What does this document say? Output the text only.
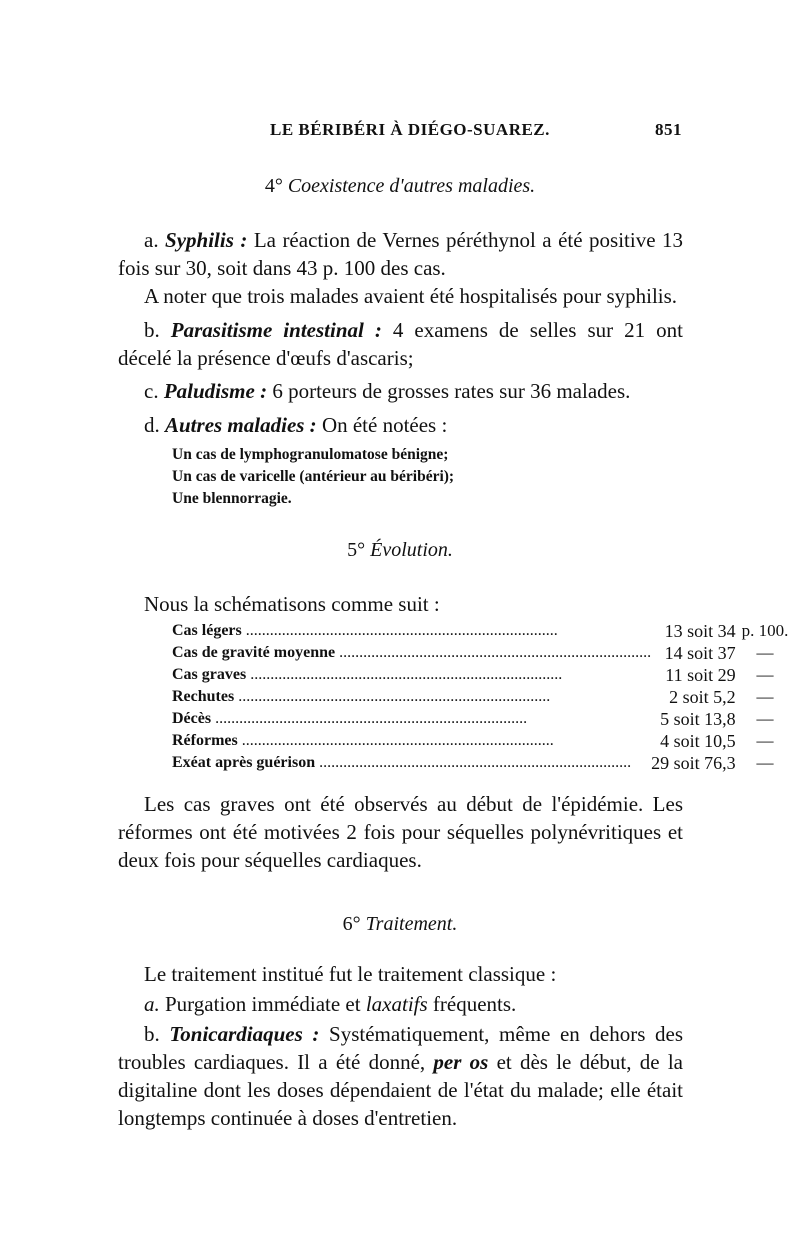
LE BÉRIBÉRI À DIÉGO-SUAREZ.	851
4° Coexistence d'autres maladies.
a. Syphilis : La réaction de Vernes péréthynol a été positive 13 fois sur 30, soit dans 43 p. 100 des cas.
A noter que trois malades avaient été hospitalisés pour syphilis.
b. Parasitisme intestinal : 4 examens de selles sur 21 ont décelé la présence d'œufs d'ascaris;
c. Paludisme : 6 porteurs de grosses rates sur 36 malades.
d. Autres maladies : On été notées :
Un cas de lymphogranulomatose bénigne;
Un cas de varicelle (antérieur au béribéri);
Une blennorragie.
5° Évolution.
Nous la schématisons comme suit :
Cas légers .....	13 soit 34	p. 100.
Cas de gravité moyenne .....	14 soit 37	—
Cas graves .....	11 soit 29	—
Rechutes .....	2 soit 5,2	—
Décès .....	5 soit 13,8	—
Réformes .....	4 soit 10,5	—
Exéat après guérison .....	29 soit 76,3	—
Les cas graves ont été observés au début de l'épidémie. Les réformes ont été motivées 2 fois pour séquelles polynévritiques et deux fois pour séquelles cardiaques.
6° Traitement.
Le traitement institué fut le traitement classique :
a. Purgation immédiate et laxatifs fréquents.
b. Tonicardiaques : Systématiquement, même en dehors des troubles cardiaques. Il a été donné, per os et dès le début, de la digitaline dont les doses dépendaient de l'état du malade; elle était longtemps continuée à doses d'entretien.
